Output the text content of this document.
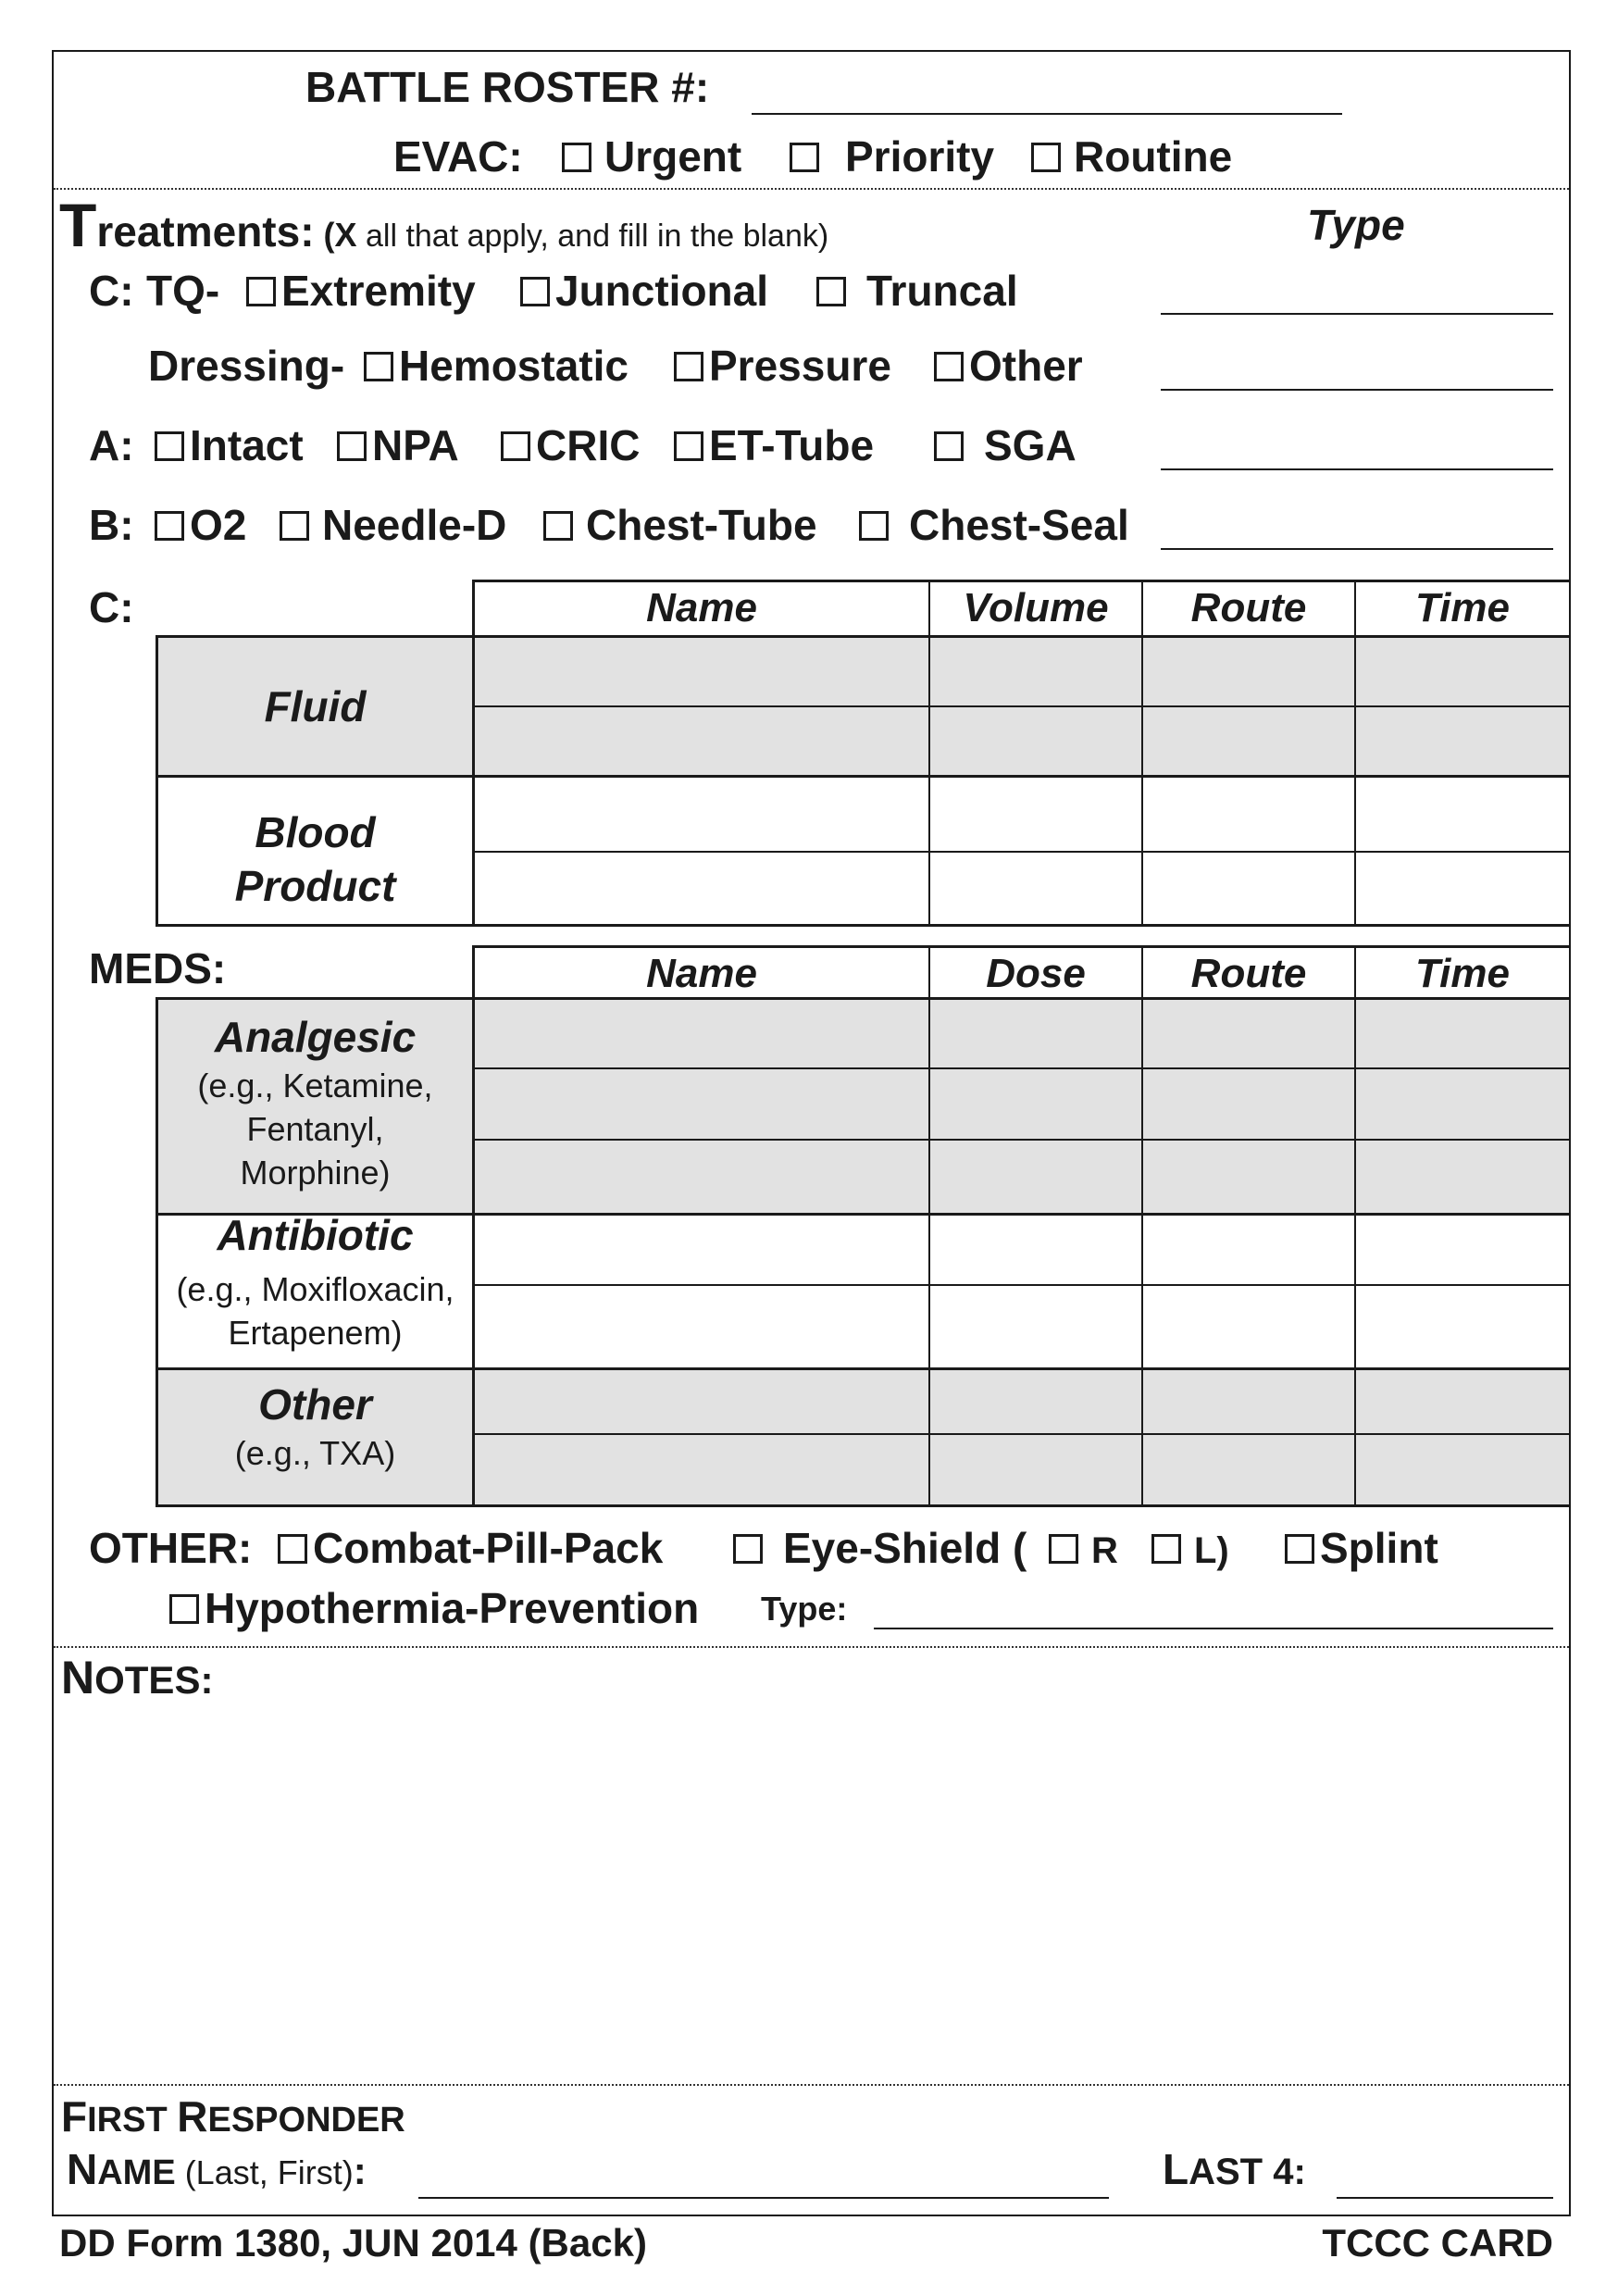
BATTLE ROSTER #:
EVAC:	Urgent	Priority	Routine
Treatments: (X all that apply, and fill in the blank)	Type
C: TQ-	Extremity	Junctional	Truncal
Dressing-	Hemostatic	Pressure	Other
A:	Intact	NPA	CRIC	ET-Tube	SGA
B:	O2	Needle-D	Chest-Tube	Chest-Seal
C:	Name	Volume	Route	Time
Fluid
Blood
Product
MEDS:	Name	Dose	Route	Time
Analgesic
(e.g., Ketamine,
Fentanyl,
Morphine)
Antibiotic
(e.g., Moxifloxacin,
Ertapenem)
Other
(e.g., TXA)
OTHER:	Combat-Pill-Pack	Eye-Shield (	R	L)	Splint
Hypothermia-Prevention Type:
NOTES:
FIRST RESPONDER
NAME (Last, First):	LAST 4:
DD Form 1380, JUN 2014 (Back)	TCCC CARD
